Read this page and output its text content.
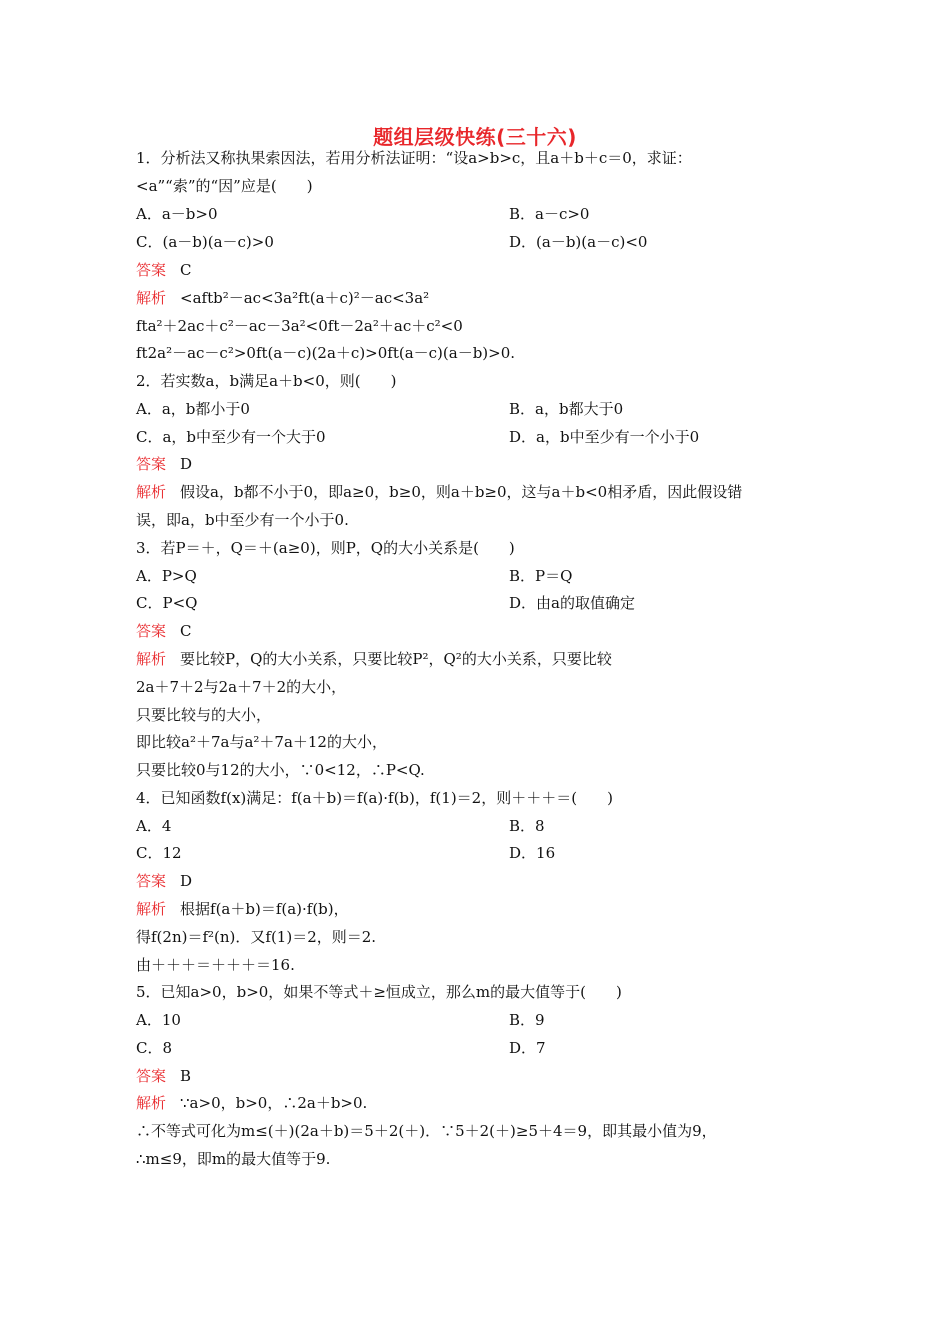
题组层级快练(三十六)
1．分析法又称执果索因法，若用分析法证明：“设a>b>c，且a＋b＋c＝0，求证：
<a”“索”的“因”应是(　　)
A．a－b>0	B．a－c>0
C．(a－b)(a－c)>0	D．(a－b)(a－c)<0
答案 C
解析 <aftb²－ac<3a²ft(a＋c)²－ac<3a²
fta²＋2ac＋c²－ac－3a²<0ft－2a²＋ac＋c²<0
ft2a²－ac－c²>0ft(a－c)(2a＋c)>0ft(a－c)(a－b)>0.
2．若实数a，b满足a＋b<0，则(　　)
A．a，b都小于0	B．a，b都大于0
C．a，b中至少有一个大于0	D．a，b中至少有一个小于0
答案 D
解析 假设a，b都不小于0，即a≥0，b≥0，则a＋b≥0，这与a＋b<0相矛盾，因此假设错
误，即a，b中至少有一个小于0.
3．若P＝＋，Q＝＋(a≥0)，则P，Q的大小关系是(　　)
A．P>Q	B．P＝Q
C．P<Q	D．由a的取值确定
答案 C
解析 要比较P，Q的大小关系，只要比较P²，Q²的大小关系，只要比较
2a＋7＋2与2a＋7＋2的大小，
只要比较与的大小，
即比较a²＋7a与a²＋7a＋12的大小，
只要比较0与12的大小，∵0<12，∴P<Q.
4．已知函数f(x)满足：f(a＋b)＝f(a)·f(b)，f(1)＝2，则＋＋＋＝(　　)
A．4	B．8
C．12	D．16
答案 D
解析 根据f(a＋b)＝f(a)·f(b)，
得f(2n)＝f²(n)．又f(1)＝2，则＝2.
由＋＋＋＝＋＋＋＝16.
5．已知a>0，b>0，如果不等式＋≥恒成立，那么m的最大值等于(　　)
A．10	B．9
C．8	D．7
答案 B
解析 ∵a>0，b>0，∴2a＋b>0.
∴不等式可化为m≤(＋)(2a＋b)＝5＋2(＋)．∵5＋2(＋)≥5＋4＝9，即其最小值为9，
∴m≤9，即m的最大值等于9.
